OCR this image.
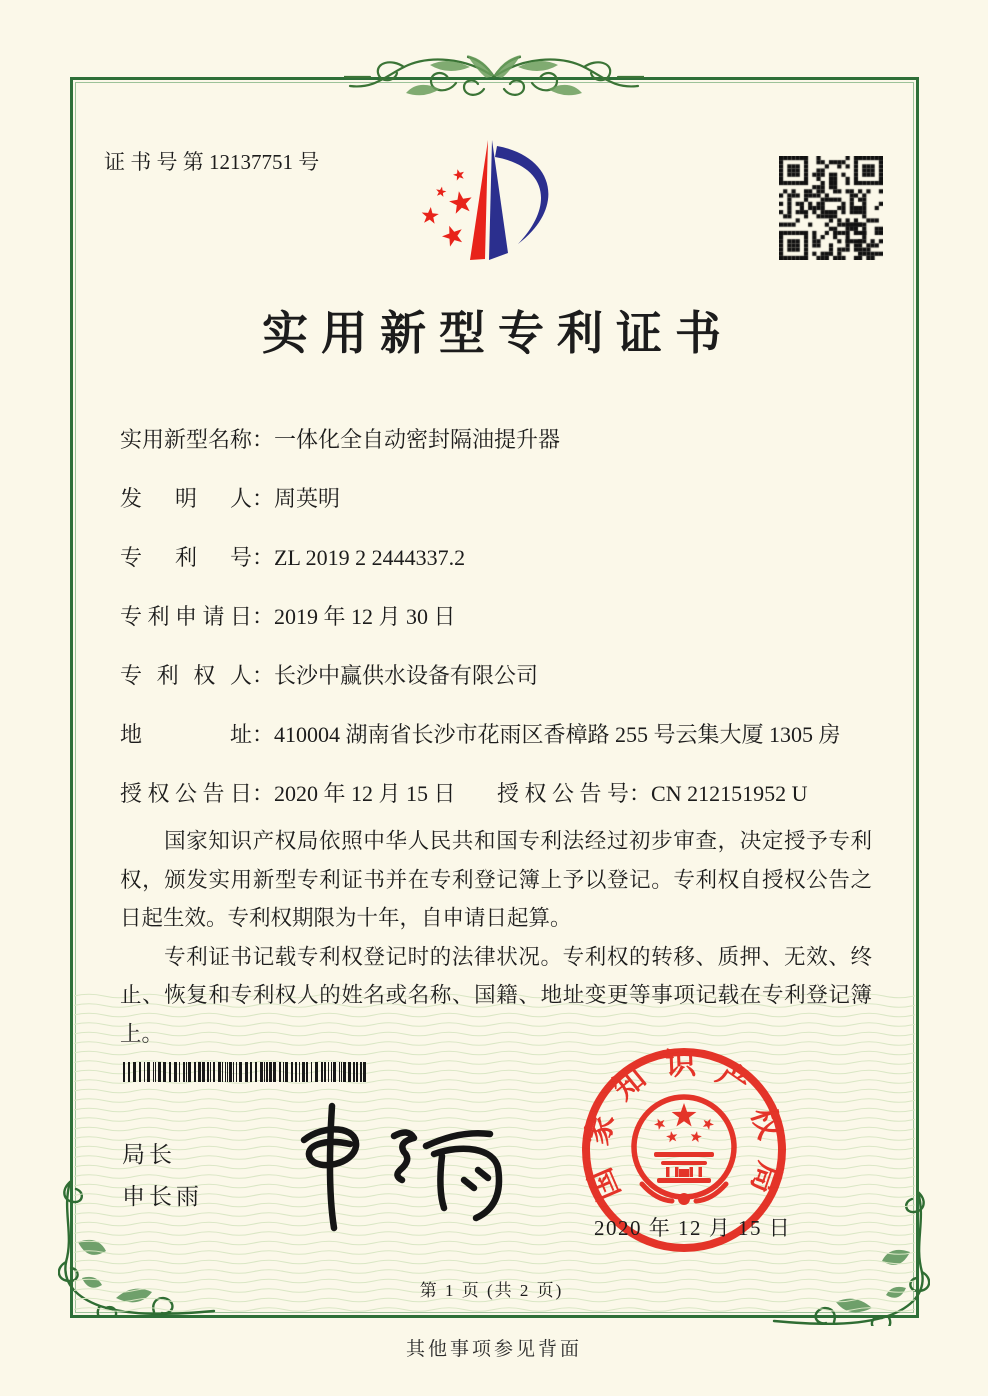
证 书 号 第 12137751 号
实用新型专利证书
实用新型名称：一体化全自动密封隔油提升器
发明人：周英明
专利号：ZL 2019 2 2444337.2
专利申请日：2019 年 12 月 30 日
专利权人：长沙中赢供水设备有限公司
地址：410004 湖南省长沙市花雨区香樟路 255 号云集大厦 1305 房
授权公告日：2020 年 12 月 15 日 授权公告号：CN 212151952 U

国家知识产权局依照中华人民共和国专利法经过初步审查，决定授予专利权，颁发实用新型专利证书并在专利登记簿上予以登记。专利权自授权公告之日起生效。专利权期限为十年，自申请日起算。

专利证书记载专利权登记时的法律状况。专利权的转移、质押、无效、终止、恢复和专利权人的姓名或名称、国籍、地址变更等事项记载在专利登记簿上。

局长
申长雨	国家知识产权局
2020 年 12 月 15 日
第 1 页 (共 2 页)
其他事项参见背面
